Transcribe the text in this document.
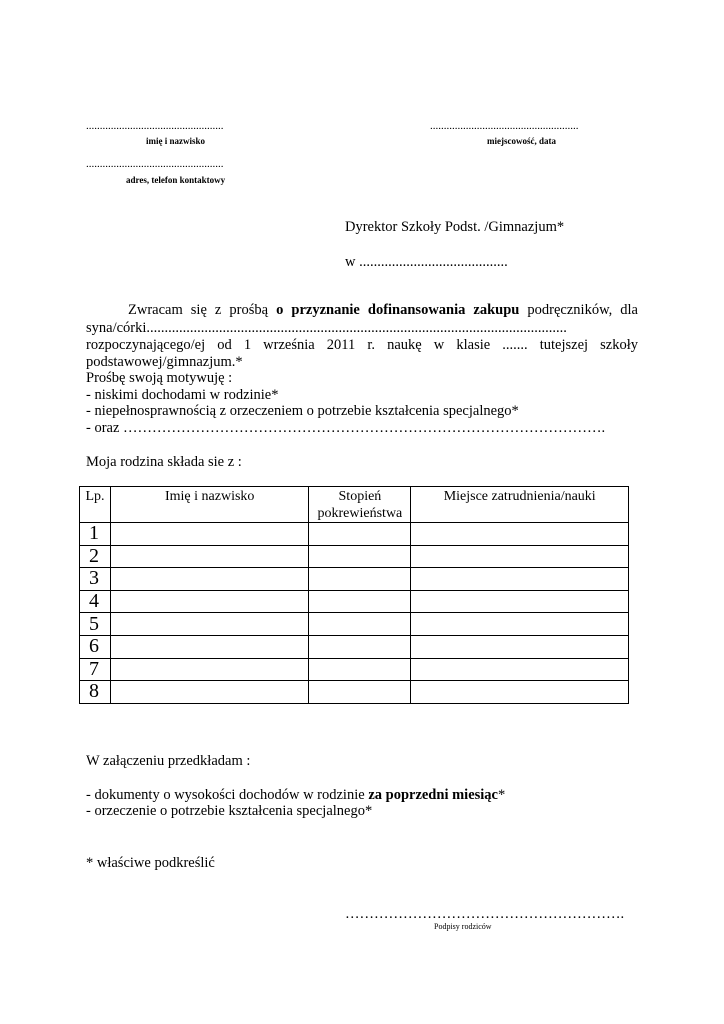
..................................................
imię i nazwisko
......................................................
miejscowość, data
..................................................
adres, telefon kontaktowy
Dyrektor Szkoły Podst. /Gimnazjum*
w .........................................
Zwracam się z prośbą o przyznanie dofinansowania zakupu podręczników, dla
syna/córki....................................................................................................................
rozpoczynającego/ej od 1 września 2011 r. naukę w klasie ....... tutejszej szkoły
podstawowej/gimnazjum.*
Prośbę swoją motywuję :
- niskimi dochodami w rodzinie*
- niepełnosprawnością z orzeczeniem o potrzebie kształcenia specjalnego*
- oraz ……………………………………………………………………………………….
Moja rodzina składa sie z :
Lp.	Imię i nazwisko	Stopień pokrewieństwa	Miejsce zatrudnienia/nauki
1			
2			
3			
4			
5			
6			
7			
8			
W załączeniu przedkładam :
- dokumenty o wysokości dochodów w rodzinie za poprzedni miesiąc*
- orzeczenie o potrzebie kształcenia specjalnego*
* właściwe podkreślić
………………………………………………….
Podpisy rodziców
